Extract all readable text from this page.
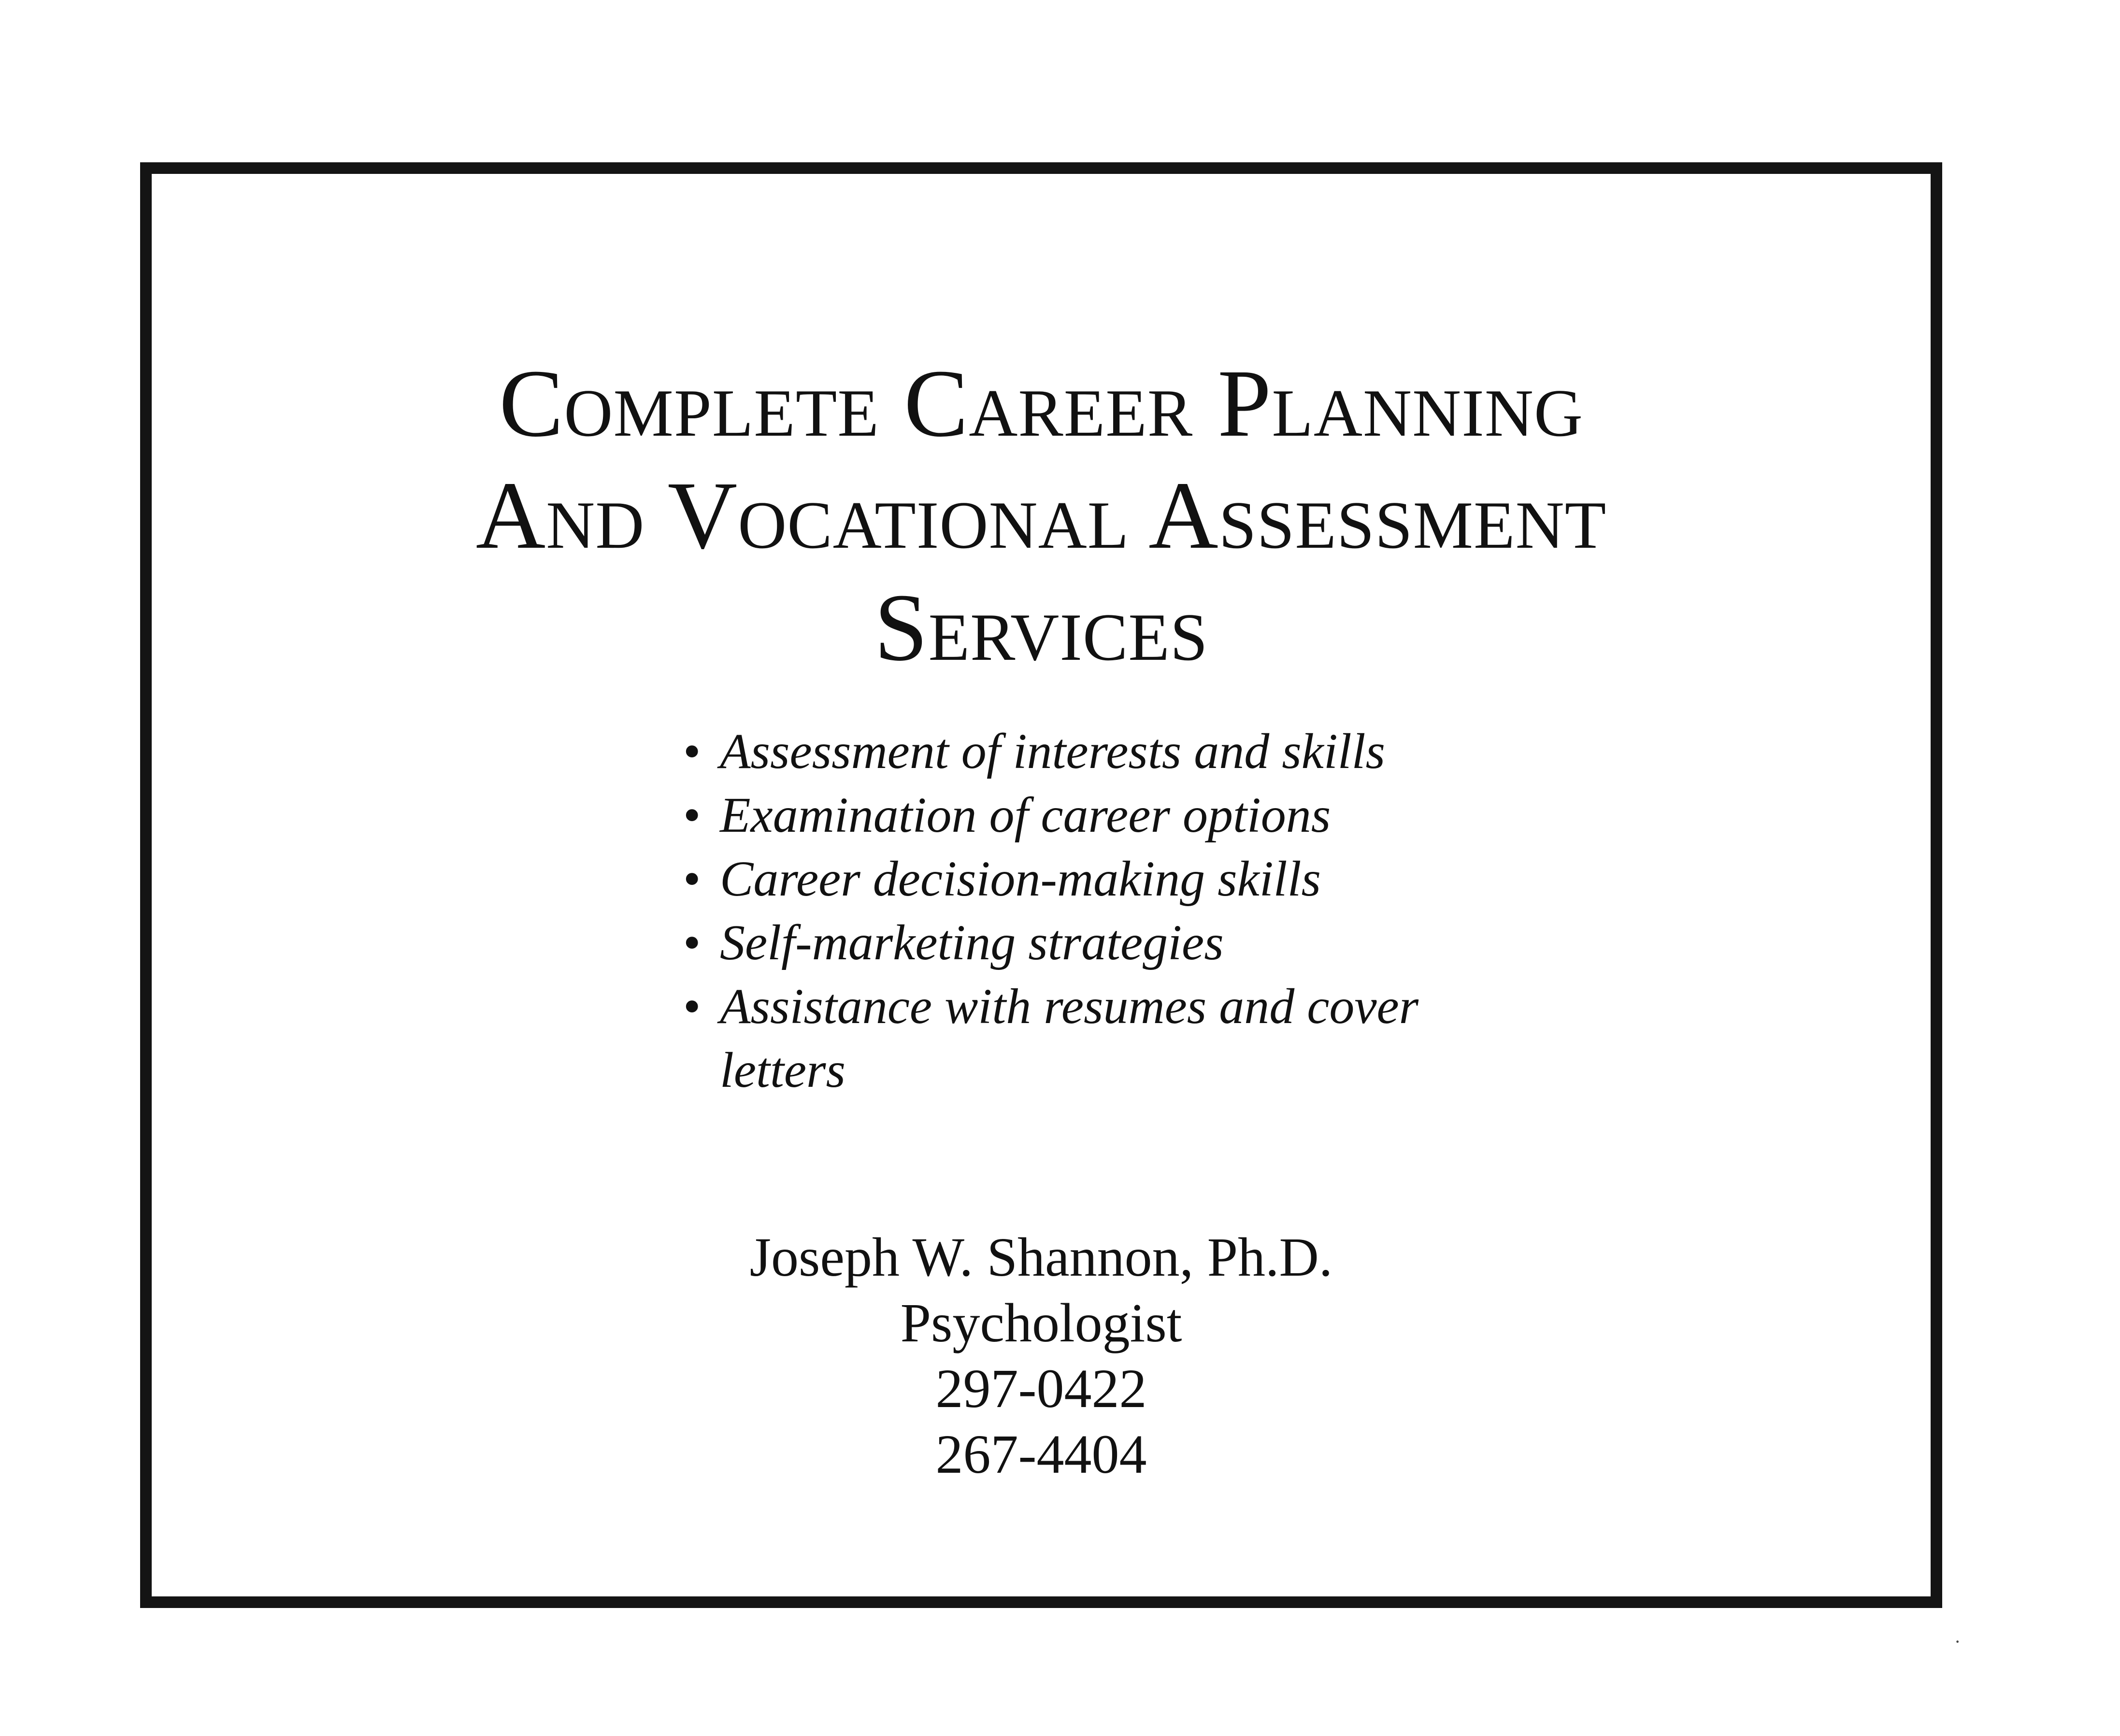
Complete Career Planning
And Vocational Assessment
Services
• Assessment of interests and skills
• Examination of career options
• Career decision-making skills
• Self-marketing strategies
• Assistance with resumes and cover letters
Joseph W. Shannon, Ph.D.
Psychologist
297-0422
267-4404
·
